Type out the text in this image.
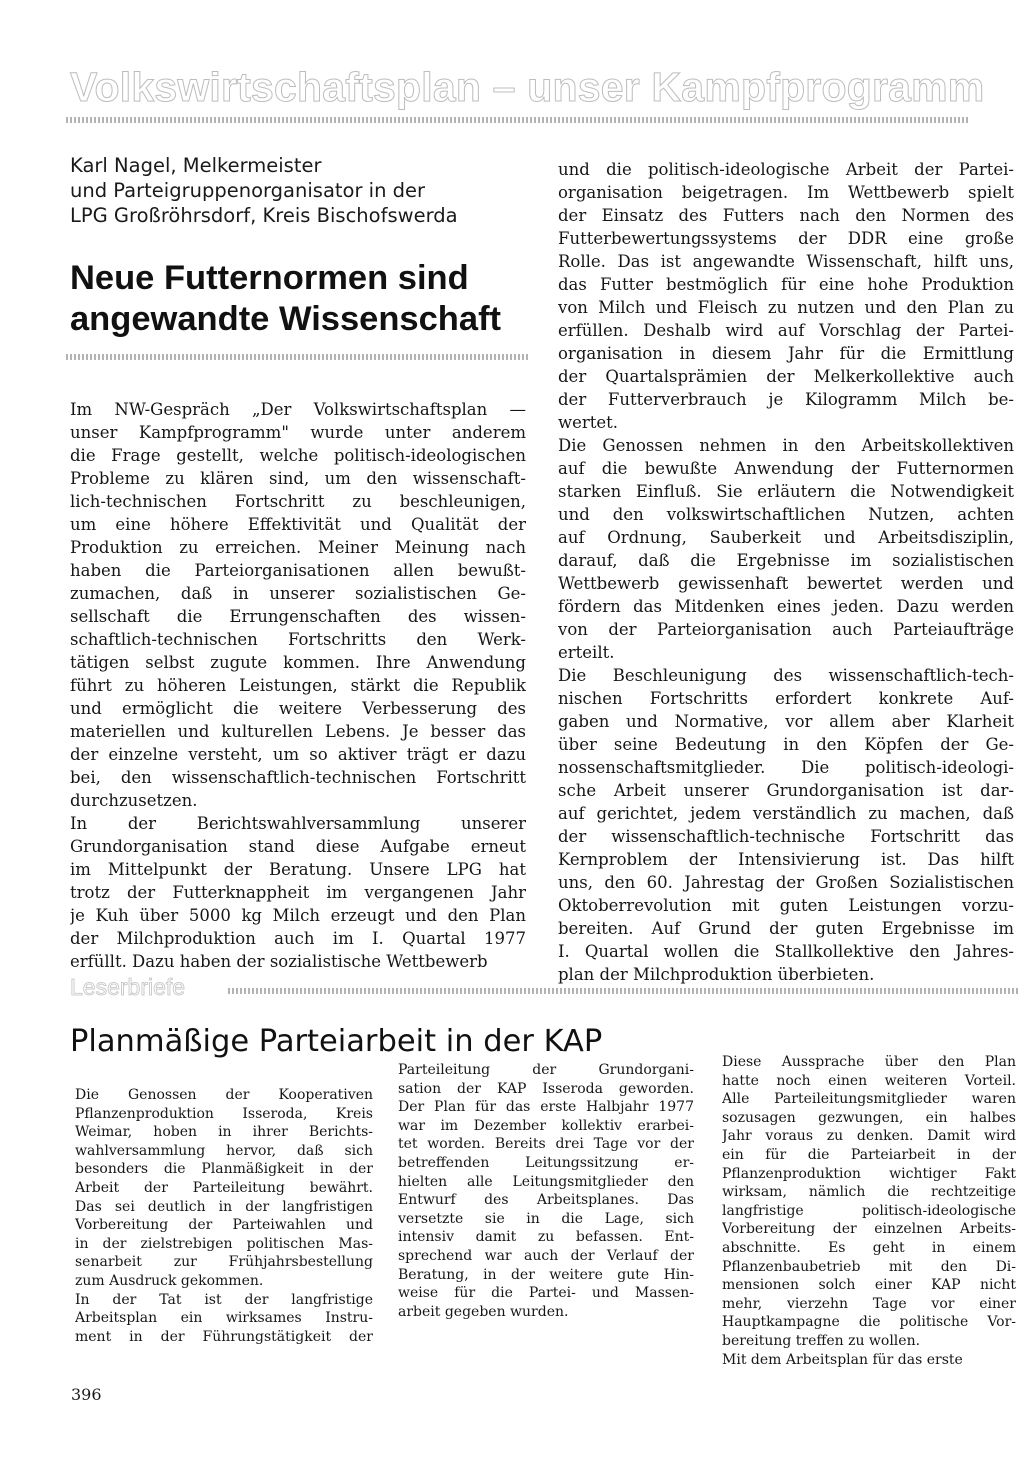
Volkswirtschaftsplan – unser Kampfprogramm
Karl Nagel, Melkermeister
und Parteigruppenorganisator in der
LPG Großröhrsdorf, Kreis Bischofswerda
Neue Futternormen sind
angewandte Wissenschaft
Im NW-Gespräch „Der Volkswirtschaftsplan —
unser Kampfprogramm" wurde unter anderem
die Frage gestellt, welche politisch-ideologischen
Probleme zu klären sind, um den wissenschaft-
lich-technischen Fortschritt zu beschleunigen,
um eine höhere Effektivität und Qualität der
Produktion zu erreichen. Meiner Meinung nach
haben die Parteiorganisationen allen bewußt-
zumachen, daß in unserer sozialistischen Ge-
sellschaft die Errungenschaften des wissen-
schaftlich-technischen Fortschritts den Werk-
tätigen selbst zugute kommen. Ihre Anwendung
führt zu höheren Leistungen, stärkt die Republik
und ermöglicht die weitere Verbesserung des
materiellen und kulturellen Lebens. Je besser das
der einzelne versteht, um so aktiver trägt er dazu
bei, den wissenschaftlich-technischen Fortschritt
durchzusetzen.
In der Berichtswahlversammlung unserer
Grundorganisation stand diese Aufgabe erneut
im Mittelpunkt der Beratung. Unsere LPG hat
trotz der Futterknappheit im vergangenen Jahr
je Kuh über 5000 kg Milch erzeugt und den Plan
der Milchproduktion auch im I. Quartal 1977
erfüllt. Dazu haben der sozialistische Wettbewerb
und die politisch-ideologische Arbeit der Partei-
organisation beigetragen. Im Wettbewerb spielt
der Einsatz des Futters nach den Normen des
Futterbewertungssystems der DDR eine große
Rolle. Das ist angewandte Wissenschaft, hilft uns,
das Futter bestmöglich für eine hohe Produktion
von Milch und Fleisch zu nutzen und den Plan zu
erfüllen. Deshalb wird auf Vorschlag der Partei-
organisation in diesem Jahr für die Ermittlung
der Quartalsprämien der Melkerkollektive auch
der Futterverbrauch je Kilogramm Milch be-
wertet.
Die Genossen nehmen in den Arbeitskollektiven
auf die bewußte Anwendung der Futternormen
starken Einfluß. Sie erläutern die Notwendigkeit
und den volkswirtschaftlichen Nutzen, achten
auf Ordnung, Sauberkeit und Arbeitsdisziplin,
darauf, daß die Ergebnisse im sozialistischen
Wettbewerb gewissenhaft bewertet werden und
fördern das Mitdenken eines jeden. Dazu werden
von der Parteiorganisation auch Parteiaufträge
erteilt.
Die Beschleunigung des wissenschaftlich-tech-
nischen Fortschritts erfordert konkrete Auf-
gaben und Normative, vor allem aber Klarheit
über seine Bedeutung in den Köpfen der Ge-
nossenschaftsmitglieder. Die politisch-ideologi-
sche Arbeit unserer Grundorganisation ist dar-
auf gerichtet, jedem verständlich zu machen, daß
der wissenschaftlich-technische Fortschritt das
Kernproblem der Intensivierung ist. Das hilft
uns, den 60. Jahrestag der Großen Sozialistischen
Oktoberrevolution mit guten Leistungen vorzu-
bereiten. Auf Grund der guten Ergebnisse im
I. Quartal wollen die Stallkollektive den Jahres-
plan der Milchproduktion überbieten.
Leserbriefe
Planmäßige Parteiarbeit in der KAP
Die Genossen der Kooperativen
Pflanzenproduktion Isseroda, Kreis
Weimar, hoben in ihrer Berichts-
wahlversammlung hervor, daß sich
besonders die Planmäßigkeit in der
Arbeit der Parteileitung bewährt.
Das sei deutlich in der langfristigen
Vorbereitung der Parteiwahlen und
in der zielstrebigen politischen Mas-
senarbeit zur Frühjahrsbestellung
zum Ausdruck gekommen.
In der Tat ist der langfristige
Arbeitsplan ein wirksames Instru-
ment in der Führungstätigkeit der
Parteileitung der Grundorgani-
sation der KAP Isseroda geworden.
Der Plan für das erste Halbjahr 1977
war im Dezember kollektiv erarbei-
tet worden. Bereits drei Tage vor der
betreffenden Leitungssitzung er-
hielten alle Leitungsmitglieder den
Entwurf des Arbeitsplanes. Das
versetzte sie in die Lage, sich
intensiv damit zu befassen. Ent-
sprechend war auch der Verlauf der
Beratung, in der weitere gute Hin-
weise für die Partei- und Massen-
arbeit gegeben wurden.
Diese Aussprache über den Plan
hatte noch einen weiteren Vorteil.
Alle Parteileitungsmitglieder waren
sozusagen gezwungen, ein halbes
Jahr voraus zu denken. Damit wird
ein für die Parteiarbeit in der
Pflanzenproduktion wichtiger Fakt
wirksam, nämlich die rechtzeitige
langfristige politisch-ideologische
Vorbereitung der einzelnen Arbeits-
abschnitte. Es geht in einem
Pflanzenbaubetrieb mit den Di-
mensionen solch einer KAP nicht
mehr, vierzehn Tage vor einer
Hauptkampagne die politische Vor-
bereitung treffen zu wollen.
Mit dem Arbeitsplan für das erste
396
